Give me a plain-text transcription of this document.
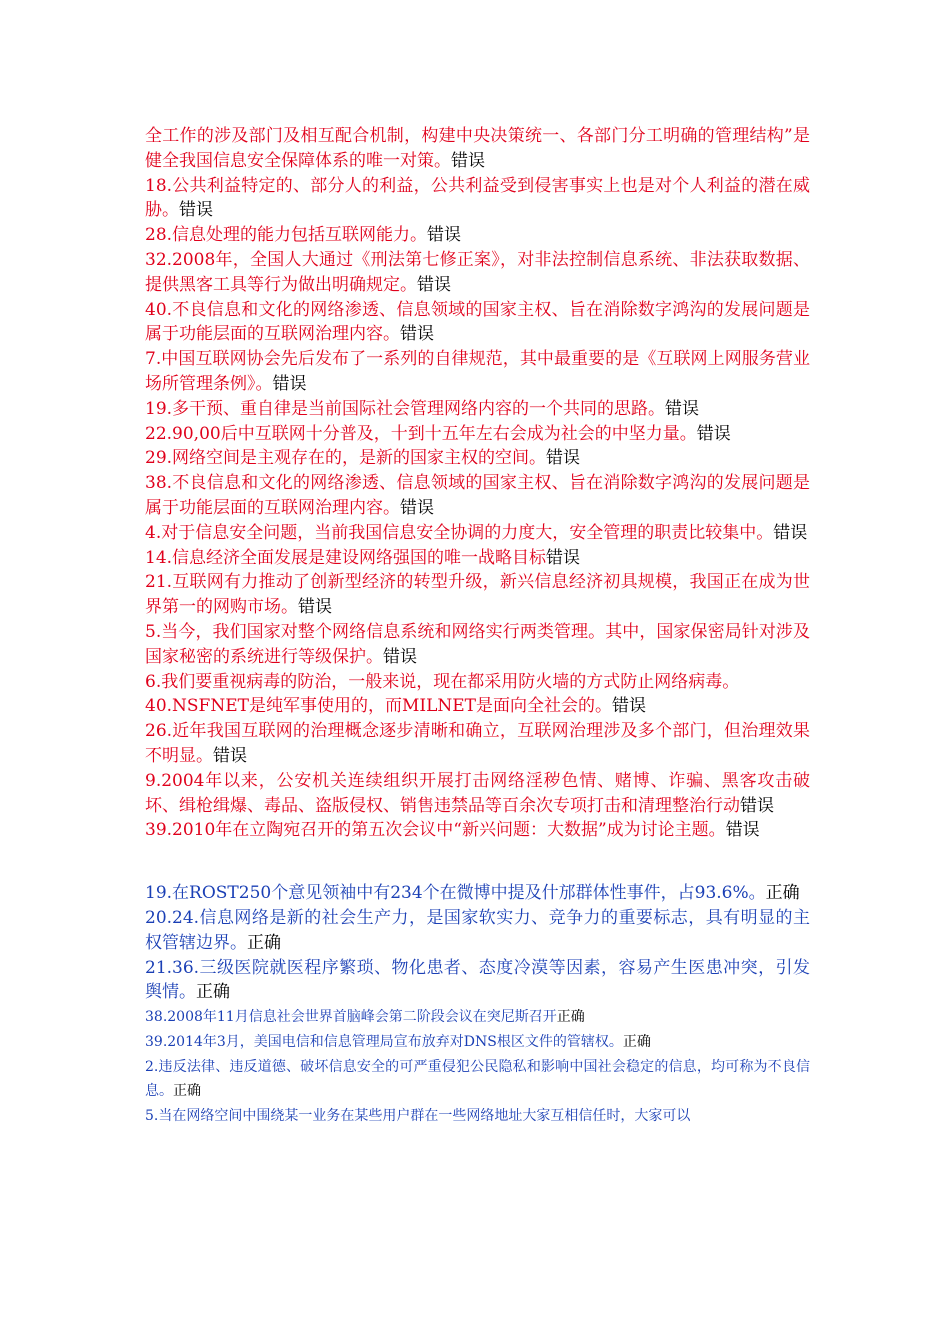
全工作的涉及部门及相互配合机制，构建中央决策统一、各部门分工明确的管理结构”是健全我国信息安全保障体系的唯一对策。错误

18.公共利益特定的、部分人的利益，公共利益受到侵害事实上也是对个人利益的潜在威胁。错误

28.信息处理的能力包括互联网能力。错误

32.2008年，全国人大通过《刑法第七修正案》，对非法控制信息系统、非法获取数据、提供黑客工具等行为做出明确规定。错误

40.不良信息和文化的网络渗透、信息领域的国家主权、旨在消除数字鸿沟的发展问题是属于功能层面的互联网治理内容。错误

7.中国互联网协会先后发布了一系列的自律规范，其中最重要的是《互联网上网服务营业场所管理条例》。错误

19.多干预、重自律是当前国际社会管理网络内容的一个共同的思路。错误

22.90,00后中互联网十分普及，十到十五年左右会成为社会的中坚力量。错误

29.网络空间是主观存在的，是新的国家主权的空间。错误

38.不良信息和文化的网络渗透、信息领域的国家主权、旨在消除数字鸿沟的发展问题是属于功能层面的互联网治理内容。错误

4.对于信息安全问题，当前我国信息安全协调的力度大，安全管理的职责比较集中。错误

14.信息经济全面发展是建设网络强国的唯一战略目标错误

21.互联网有力推动了创新型经济的转型升级，新兴信息经济初具规模，我国正在成为世界第一的网购市场。错误

5.当今，我们国家对整个网络信息系统和网络实行两类管理。其中，国家保密局针对涉及国家秘密的系统进行等级保护。错误

6.我们要重视病毒的防治，一般来说，现在都采用防火墙的方式防止网络病毒。

40.NSFNET是纯军事使用的，而MILNET是面向全社会的。错误

26.近年我国互联网的治理概念逐步清晰和确立，互联网治理涉及多个部门，但治理效果不明显。错误

9.2004年以来，公安机关连续组织开展打击网络淫秽色情、赌博、诈骗、黑客攻击破坏、缉枪缉爆、毒品、盗版侵权、销售违禁品等百余次专项打击和清理整治行动错误

39.2010年在立陶宛召开的第五次会议中“新兴问题：大数据”成为讨论主题。错误

19.在ROST250个意见领袖中有234个在微博中提及什邡群体性事件，占93.6%。正确

20.24.信息网络是新的社会生产力，是国家软实力、竞争力的重要标志，具有明显的主权管辖边界。正确

21.36.三级医院就医程序繁琐、物化患者、态度冷漠等因素，容易产生医患冲突，引发舆情。正确

38.2008年11月信息社会世界首脑峰会第二阶段会议在突尼斯召开正确

39.2014年3月，美国电信和信息管理局宣布放弃对DNS根区文件的管辖权。正确

2.违反法律、违反道德、破坏信息安全的可严重侵犯公民隐私和影响中国社会稳定的信息，均可称为不良信息。正确

5.当在网络空间中围绕某一业务在某些用户群在一些网络地址大家互相信任时，大家可以
